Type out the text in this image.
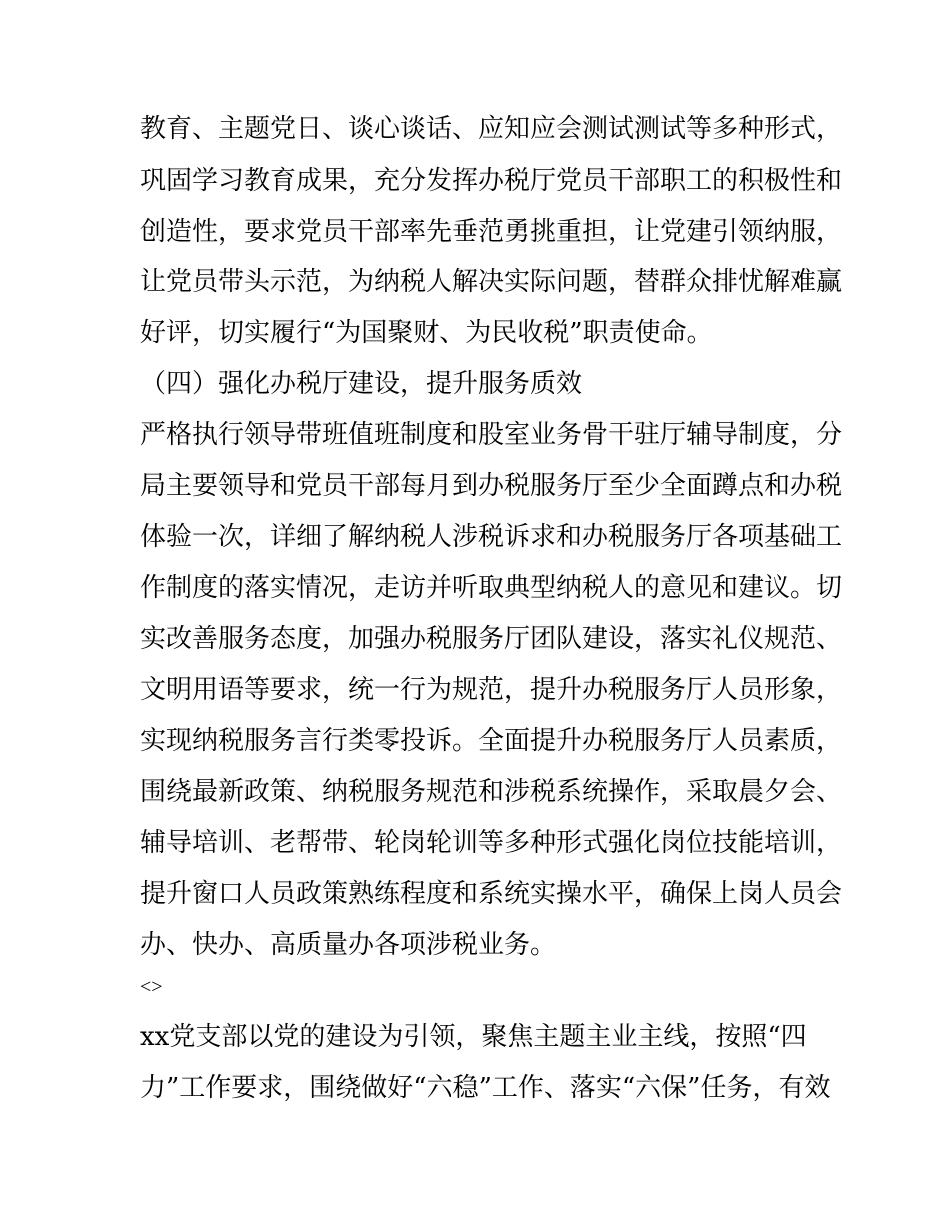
教育、主题党日、谈心谈话、应知应会测试测试等多种形式，
巩固学习教育成果，充分发挥办税厅党员干部职工的积极性和
创造性，要求党员干部率先垂范勇挑重担，让党建引领纳服，
让党员带头示范，为纳税人解决实际问题，替群众排忧解难赢
好评，切实履行“为国聚财、为民收税”职责使命。
（四）强化办税厅建设，提升服务质效
严格执行领导带班值班制度和股室业务骨干驻厅辅导制度，分
局主要领导和党员干部每月到办税服务厅至少全面蹲点和办税
体验一次，详细了解纳税人涉税诉求和办税服务厅各项基础工
作制度的落实情况，走访并听取典型纳税人的意见和建议。切
实改善服务态度，加强办税服务厅团队建设，落实礼仪规范、
文明用语等要求，统一行为规范，提升办税服务厅人员形象，
实现纳税服务言行类零投诉。全面提升办税服务厅人员素质，
围绕最新政策、纳税服务规范和涉税系统操作，采取晨夕会、
辅导培训、老帮带、轮岗轮训等多种形式强化岗位技能培训，
提升窗口人员政策熟练程度和系统实操水平，确保上岗人员会
办、快办、高质量办各项涉税业务。
<>
xx党支部以党的建设为引领，聚焦主题主业主线，按照“四
力”工作要求，围绕做好“六稳”工作、落实“六保”任务，有效
